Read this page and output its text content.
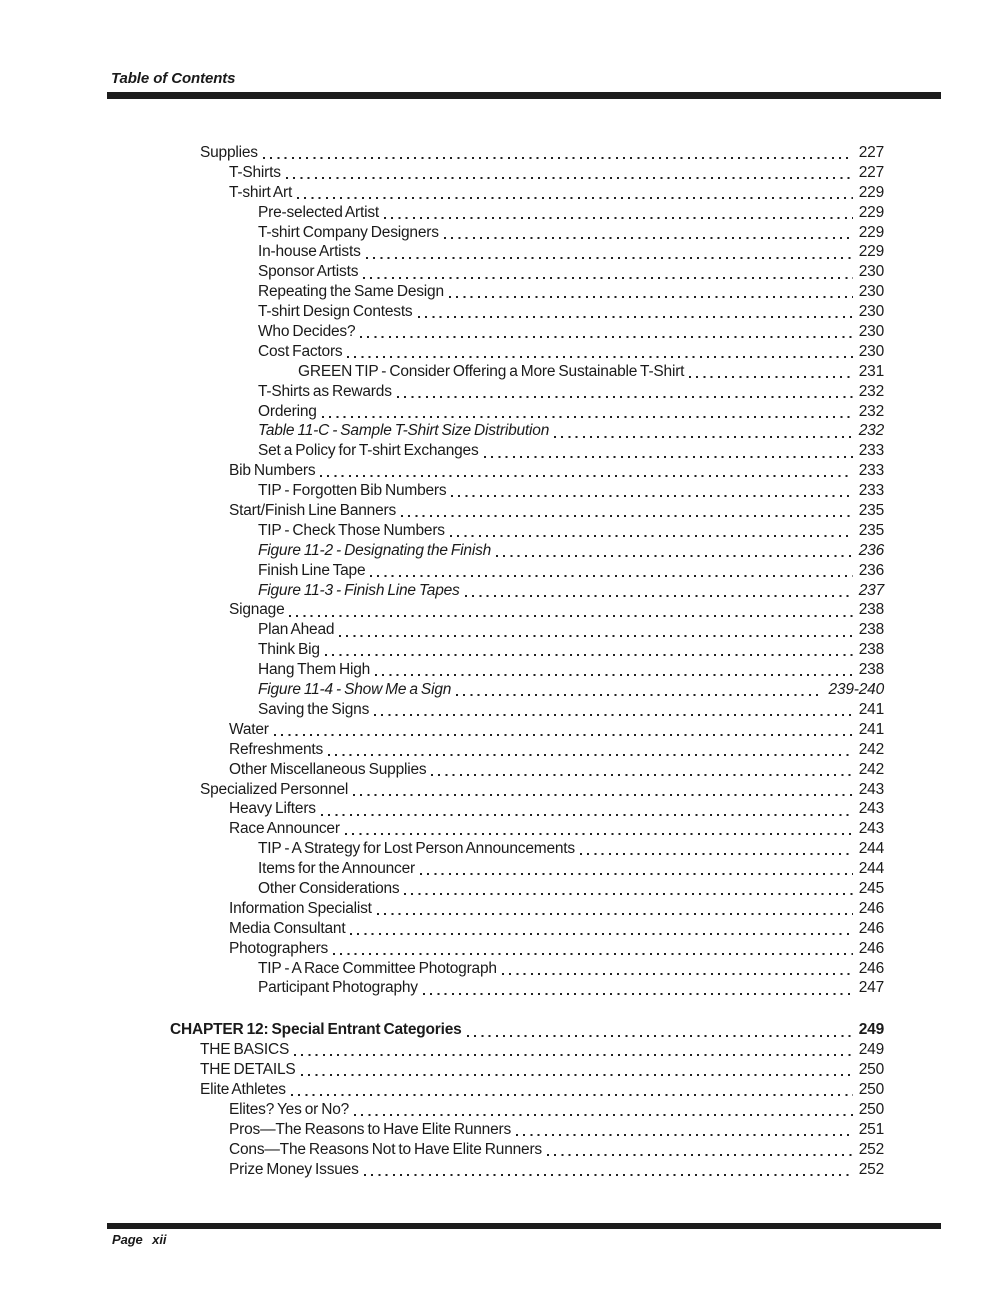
Table of Contents
Supplies	227
T-Shirts	227
T-shirt Art	229
Pre-selected Artist	229
T-shirt Company Designers	229
In-house Artists	229
Sponsor Artists	230
Repeating the Same Design	230
T-shirt Design Contests	230
Who Decides?	230
Cost Factors	230
GREEN TIP - Consider Offering a More Sustainable T-Shirt	231
T-Shirts as Rewards	232
Ordering	232
Table 11-C - Sample T-Shirt Size Distribution	232
Set a Policy for T-shirt Exchanges	233
Bib Numbers	233
TIP - Forgotten Bib Numbers	233
Start/Finish Line Banners	235
TIP - Check Those Numbers	235
Figure 11-2 - Designating the Finish	236
Finish Line Tape	236
Figure 11-3 - Finish Line Tapes	237
Signage	238
Plan Ahead	238
Think Big	238
Hang Them High	238
Figure 11-4 - Show Me a Sign	239-240
Saving the Signs	241
Water	241
Refreshments	242
Other Miscellaneous Supplies	242
Specialized Personnel	243
Heavy Lifters	243
Race Announcer	243
TIP - A Strategy for Lost Person Announcements	244
Items for the Announcer	244
Other Considerations	245
Information Specialist	246
Media Consultant	246
Photographers	246
TIP - A Race Committee Photograph	246
Participant Photography	247
CHAPTER 12: Special Entrant Categories	249
THE BASICS	249
THE DETAILS	250
Elite Athletes	250
Elites? Yes or No?	250
Pros—The Reasons to Have Elite Runners	251
Cons—The Reasons Not to Have Elite Runners	252
Prize Money Issues	252
Page xii
